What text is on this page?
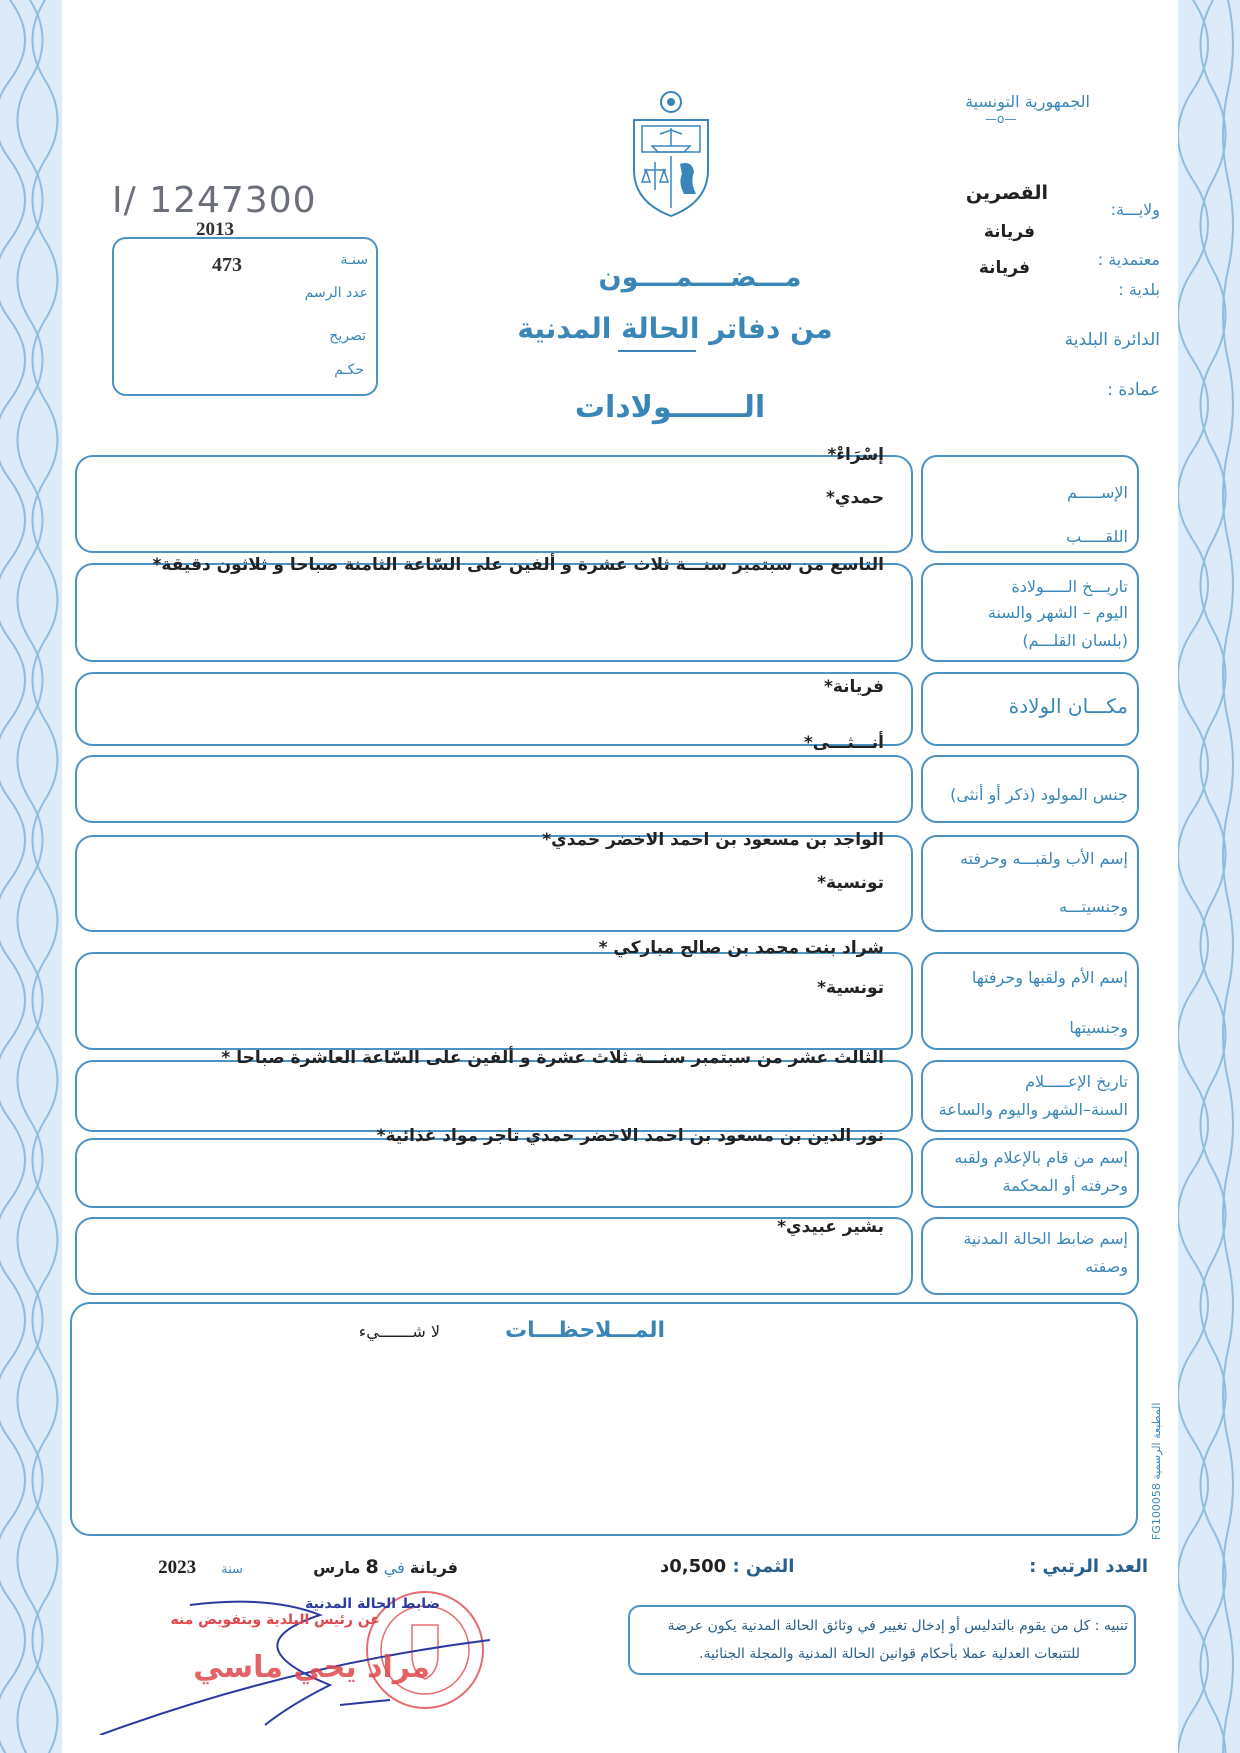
الجمهورية التونسية
—o—
I/ 1247300
2013
473	سنـة
عدد الرسم
تصريح
حكـم
القصرين
ولايـــة:
فريانة
معتمدية :
فريانة
بلدية :
الدائرة البلدية
عمادة :
مـــضــــمــــون
من دفاتر الحالة المدنية
الـــــــولادات
الإســـــم
اللقـــــب
إسْرَاءْ*
حمدي*
تاريـــخ الـــــولادة
اليوم – الشهر والسنة
(بلسان القلـــم)
التاسع من سبتمبر سنـــة ثلاث عشرة و ألفين على السّاعة الثامنة صباحا و ثلاثون دقيقة*
مكـــان الولادة
فريانة*
جنس المولود (ذكر أو أنثى)
أنـــثـــى*
إسم الأب ولقبـــه وحرفته
وجنسيتـــه
الواجد بن مسعود بن احمد الاخضر حمدي*
تونسية*
إسم الأم ولقبها وحرفتها
وجنسيتها
شراد بنت محمد بن صالح مباركي *
تونسية*
تاريخ الإعـــــلام
السنة–الشهر واليوم والساعة
الثالث عشر من سبتمبر سنـــة ثلاث عشرة و ألفين على السّاعة العاشرة صباحا *
إسم من قام بالإعلام ولقبه
وحرفته أو المحكمة
نور الدين بن مسعود بن احمد الاخضر حمدي تاجر مواد غذائية*
إسم ضابط الحالة المدنية
وصفته
بشير عبيدي*
المـــلاحظـــات
لا شـــــــيء
المطبعة الرسمية FG100058
العدد الرتبي :
الثمن : 0,500د
فريانة في 8 مارس  سنة 2023
ضابط الحالة المدنية
عن رئيس البلدية وبتفويض منه
مراد يحي ماسي
تنبيه : كل من يقوم بالتدليس أو إدخال تغيير في وثائق الحالة المدنية يكون عرضة
للتتبعات العدلية عملا بأحكام قوانين الحالة المدنية والمجلة الجنائية.
